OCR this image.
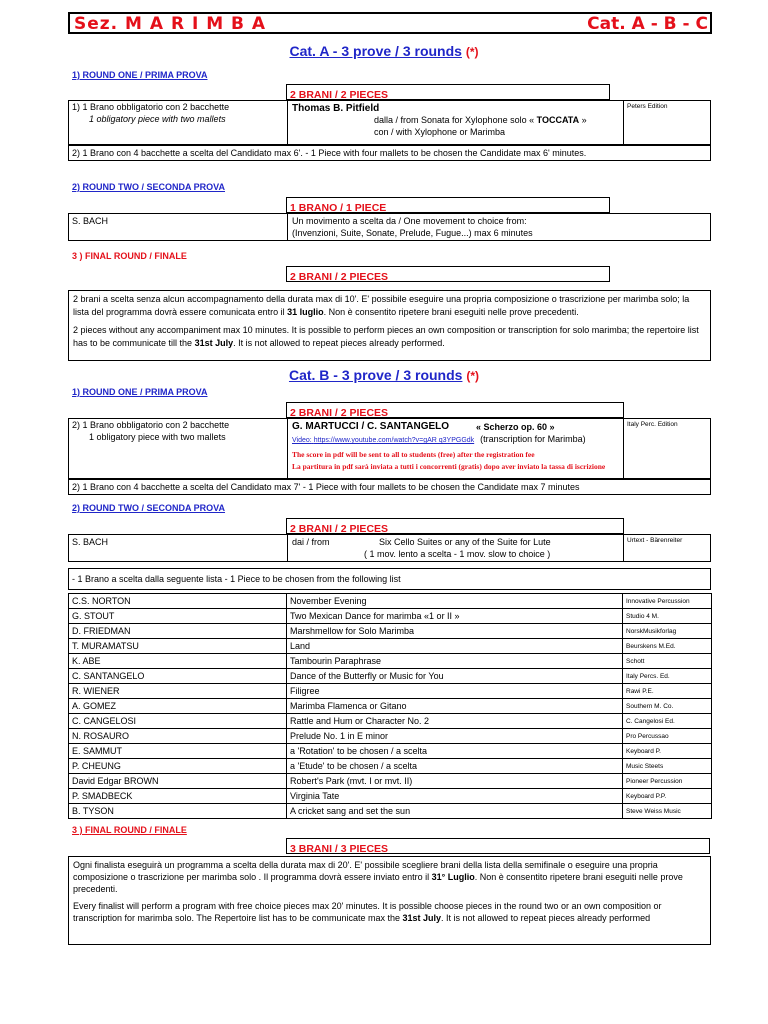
Sez. M A R I M B A	Cat. A - B - C
Cat. A - 3 prove / 3 rounds (*)
1) ROUND ONE / PRIMA PROVA
2 BRANI / 2 PIECES
1) 1 Brano obbligatorio con 2 bacchette
1 obligatory piece with two mallets
Thomas B. Pitfield
dalla / from Sonata for Xylophone solo « TOCCATA »
con / with Xylophone or Marimba
Peters Edition
2) 1 Brano con 4 bacchette a scelta del Candidato max 6'. - 1 Piece with four mallets to be chosen the Candidate max 6' minutes.
2) ROUND TWO / SECONDA PROVA
1 BRANO / 1 PIECE
S. BACH	Un movimento a scelta da / One movement to choice from:
(Invenzioni, Suite, Sonate, Prelude, Fugue...) max 6 minutes
3 ) FINAL ROUND / FINALE
2 BRANI / 2 PIECES
2 brani a scelta senza alcun accompagnamento della durata max di 10'. E' possibile eseguire una propria composizione o trascrizione per marimba solo; la lista del programma dovrà essere comunicata entro il 31 luglio. Non è consentito ripetere brani eseguiti nelle prove precedenti.
2 pieces without any accompaniment max 10 minutes. It is possible to perform pieces an own composition or transcription for solo marimba; the repertoire list has to be communicate till the 31st July. It is not allowed to repeat pieces already performed.
Cat. B - 3 prove / 3 rounds (*)
1) ROUND ONE / PRIMA PROVA
2 BRANI / 2 PIECES
2) 1 Brano obbligatorio con 2 bacchette
1 obligatory piece with two mallets
G. MARTUCCI / C. SANTANGELO	« Scherzo op. 60 »
Video: https://www.youtube.com/watch?v=gAR q3YPGGdk (transcription for Marimba)
The score in pdf will be sent to all to students (free) after the registration fee
La partitura in pdf sarà inviata a tutti i concorrenti (gratis) dopo aver inviato la tassa di iscrizione
Italy Perc. Edition
2) 1 Brano con 4 bacchette a scelta del Candidato max 7' - 1 Piece with four mallets to be chosen the Candidate max 7 minutes
2) ROUND TWO / SECONDA PROVA
2 BRANI / 2 PIECES
S. BACH	dai / from	Six Cello Suites or any of the Suite for Lute
( 1 mov. lento a scelta - 1 mov. slow to choice )
Urtext - Bärenreiter
- 1 Brano a scelta dalla seguente lista - 1 Piece to be chosen from the following list
C.S. NORTON	November Evening	Innovative Percussion
G. STOUT	Two Mexican Dance for marimba «1 or II »	Studio 4 M.
D. FRIEDMAN	Marshmellow for Solo Marimba	NorskMusikforlag
T. MURAMATSU	Land	Beurskens M.Ed.
K. ABE	Tambourin Paraphrase	Schott
C. SANTANGELO	Dance of the Butterfly or Music for You	Italy Percs. Ed.
R. WIENER	Filigree	Rawi P.E.
A. GOMEZ	Marimba Flamenca or Gitano	Southern M. Co.
C. CANGELOSI	Rattle and Hum or Character No. 2	C. Cangelosi Ed.
N. ROSAURO	Prelude No. 1 in E minor	Pro Percussao
E. SAMMUT	a 'Rotation' to be chosen / a scelta	Keyboard P.
P. CHEUNG	a 'Etude' to be chosen / a scelta	Music Steets
David Edgar BROWN	Robert's Park (mvt. I or mvt. II)	Pioneer Percussion
P. SMADBECK	Virginia Tate	Keyboard P.P.
B. TYSON	A cricket sang and set the sun	Steve Weiss Music
3 ) FINAL ROUND / FINALE
3 BRANI / 3 PIECES
Ogni finalista eseguirà un programma a scelta della durata max di 20'. E' possibile scegliere brani della lista della semifinale o eseguire una propria composizione o trascrizione per marimba solo . Il programma dovrà essere inviato entro il 31° Luglio. Non è consentito ripetere brani eseguiti nelle prove precedenti.
Every finalist will perform a program with free choice pieces max 20' minutes. It is possible choose pieces in the round two or an own composition or transcription for marimba solo. The Repertoire list has to be communicate max the 31st July. It is not allowed to repeat pieces already performed
